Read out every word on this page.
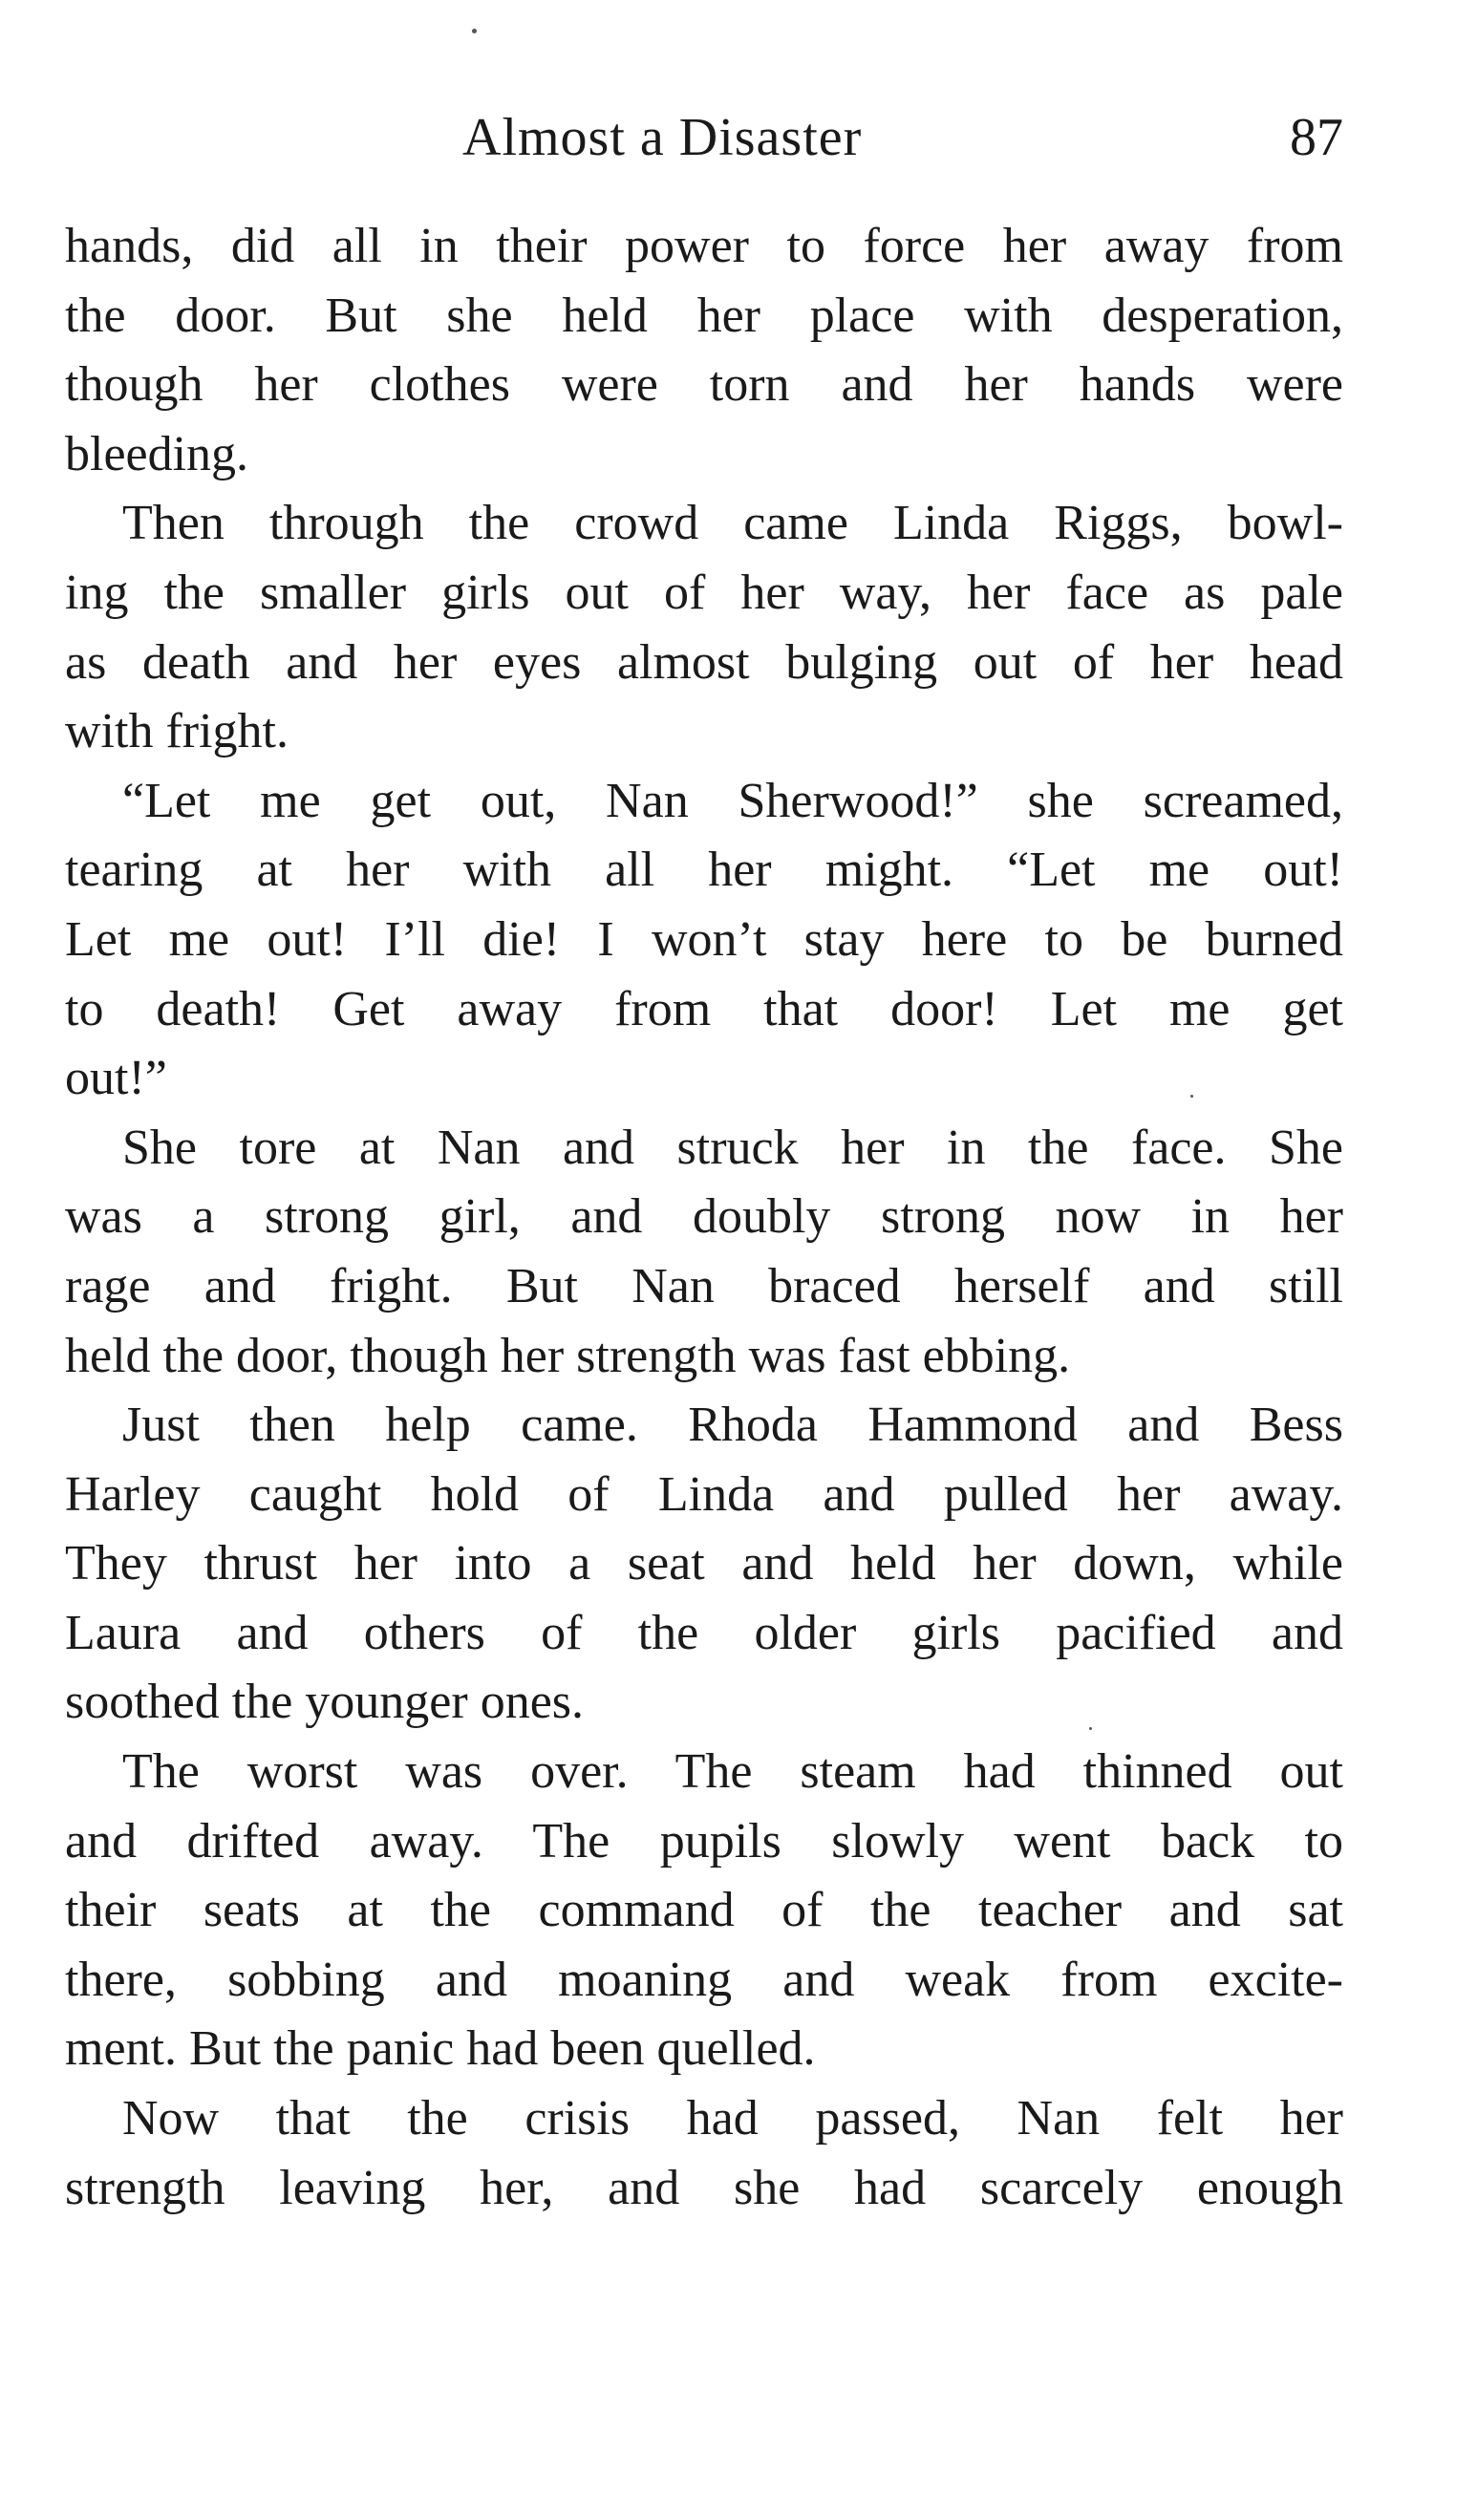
Almost a Disaster	87
hands, did all in their power to force her away from
the door. But she held her place with desperation,
though her clothes were torn and her hands were
bleeding.
Then through the crowd came Linda Riggs, bowl-
ing the smaller girls out of her way, her face as pale
as death and her eyes almost bulging out of her head
with fright.
“Let me get out, Nan Sherwood!” she screamed,
tearing at her with all her might. “Let me out!
Let me out! I’ll die! I won’t stay here to be burned
to death! Get away from that door! Let me get
out!”
She tore at Nan and struck her in the face. She
was a strong girl, and doubly strong now in her
rage and fright. But Nan braced herself and still
held the door, though her strength was fast ebbing.
Just then help came. Rhoda Hammond and Bess
Harley caught hold of Linda and pulled her away.
They thrust her into a seat and held her down, while
Laura and others of the older girls pacified and
soothed the younger ones.
The worst was over. The steam had thinned out
and drifted away. The pupils slowly went back to
their seats at the command of the teacher and sat
there, sobbing and moaning and weak from excite-
ment. But the panic had been quelled.
Now that the crisis had passed, Nan felt her
strength leaving her, and she had scarcely enough
